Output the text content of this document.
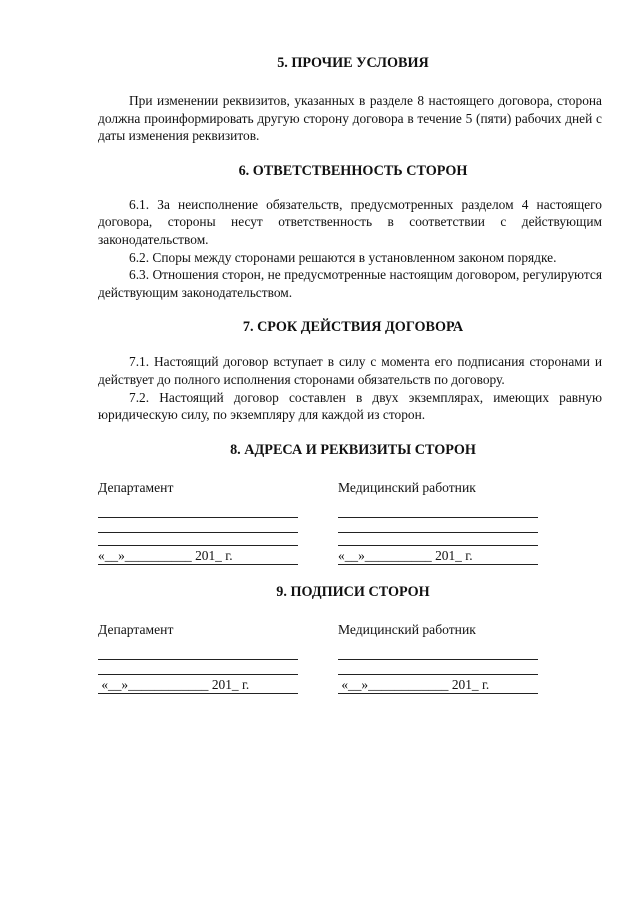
5. ПРОЧИЕ УСЛОВИЯ

При изменении реквизитов, указанных в разделе 8 настоящего договора, сторона должна проинформировать другую сторону договора в течение 5 (пяти) рабочих дней с даты изменения реквизитов.

6. ОТВЕТСТВЕННОСТЬ СТОРОН

6.1. За неисполнение обязательств, предусмотренных разделом 4 настоящего договора, стороны несут ответственность в соответствии с действующим законодательством.

6.2. Споры между сторонами решаются в установленном законом порядке.

6.3. Отношения сторон, не предусмотренные настоящим договором, регулируются действующим законодательством.

7. СРОК ДЕЙСТВИЯ ДОГОВОРА

7.1. Настоящий договор вступает в силу с момента его подписания сторонами и действует до полного исполнения сторонами обязательств по договору.

7.2. Настоящий договор составлен в двух экземплярах, имеющих равную юридическую силу, по экземпляру для каждой из сторон.

8. АДРЕСА И РЕКВИЗИТЫ СТОРОН

Департамент

«__»__________ 201_ г.

Медицинский работник

«__»__________ 201_ г.
9. ПОДПИСИ СТОРОН

Департамент

«__»____________ 201_ г.

Медицинский работник

«__»____________ 201_ г.
